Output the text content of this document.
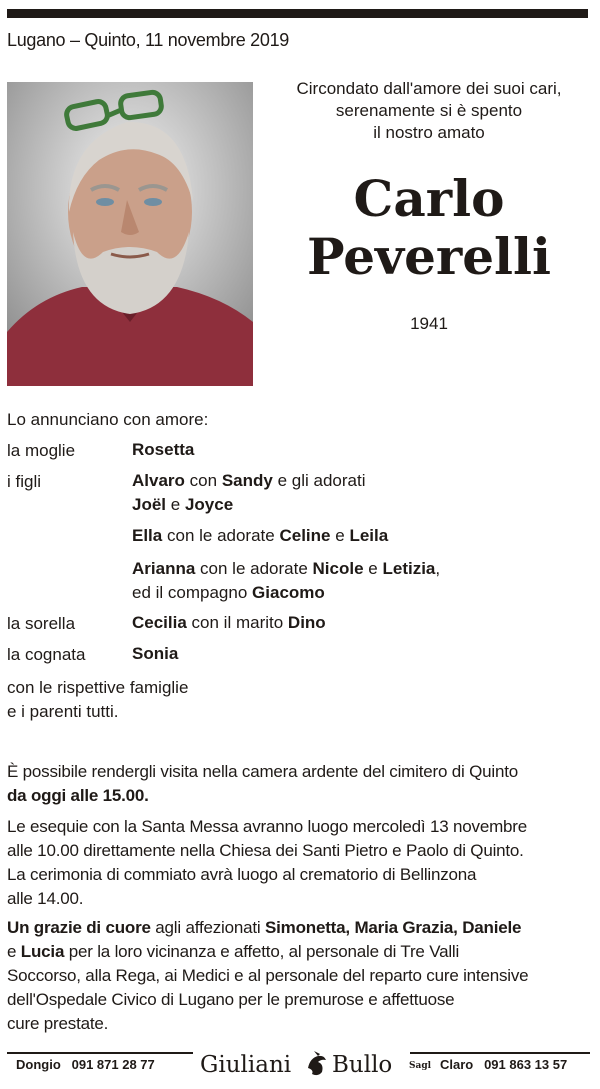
Lugano – Quinto, 11 novembre 2019
Circondato dall'amore dei suoi cari,
serenamente si è spento
il nostro amato
Carlo
Peverelli
1941
Lo annunciano con amore:
la moglie	Rosetta
i figli	Alvaro con Sandy e gli adorati
Joël e Joyce
Ella con le adorate Celine e Leila
Arianna con le adorate Nicole e Letizia,
ed il compagno Giacomo
la sorella	Cecilia con il marito Dino
la cognata	Sonia
con le rispettive famiglie
e i parenti tutti.
È possibile rendergli visita nella camera ardente del cimitero di Quinto
da oggi alle 15.00.
Le esequie con la Santa Messa avranno luogo mercoledì 13 novembre
alle 10.00 direttamente nella Chiesa dei Santi Pietro e Paolo di Quinto.
La cerimonia di commiato avrà luogo al crematorio di Bellinzona
alle 14.00.
Un grazie di cuore agli affezionati Simonetta, Maria Grazia, Daniele
e Lucia per la loro vicinanza e affetto, al personale di Tre Valli
Soccorso, alla Rega, ai Medici e al personale del reparto cure intensive
dell'Ospedale Civico di Lugano per le premurose e affettuose
cure prestate.
Dongio 091 871 28 77 Giuliani Bullo Sagl Claro 091 863 13 57
